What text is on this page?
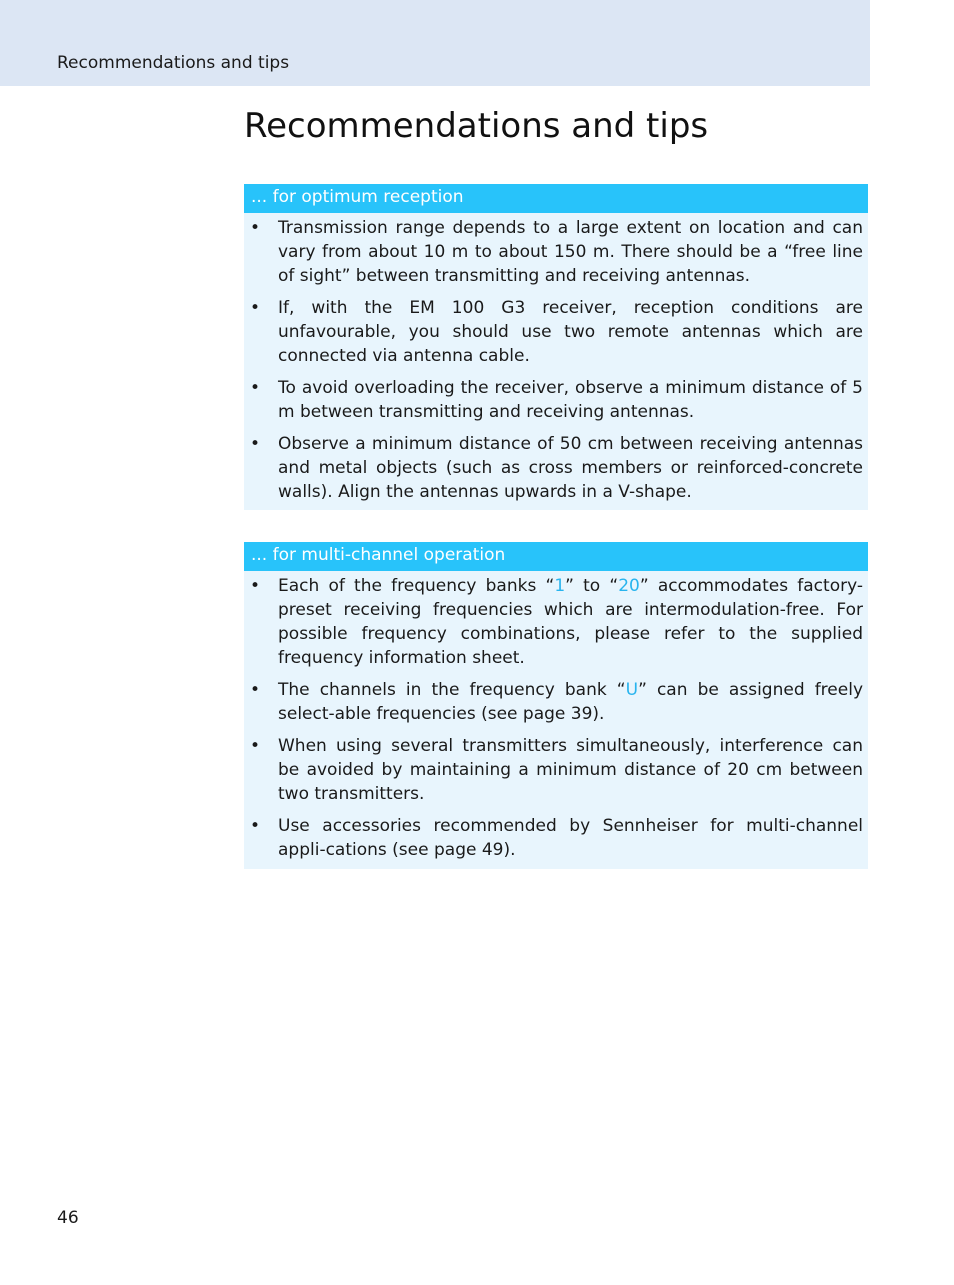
Recommendations and tips
Recommendations and tips
... for optimum reception
• Transmission range depends to a large extent on location and can vary from about 10 m to about 150 m. There should be a “free line of sight” between transmitting and receiving antennas.
• If, with the EM 100 G3 receiver, reception conditions are unfavourable, you should use two remote antennas which are connected via antenna cable.
• To avoid overloading the receiver, observe a minimum distance of 5 m between transmitting and receiving antennas.
• Observe a minimum distance of 50 cm between receiving antennas and metal objects (such as cross members or reinforced-concrete walls). Align the antennas upwards in a V-shape.
... for multi-channel operation
• Each of the frequency banks “1” to “20” accommodates factory-preset receiving frequencies which are intermodulation-free. For possible frequency combinations, please refer to the supplied frequency information sheet.
• The channels in the frequency bank “U” can be assigned freely select-able frequencies (see page 39).
• When using several transmitters simultaneously, interference can be avoided by maintaining a minimum distance of 20 cm between two transmitters.
• Use accessories recommended by Sennheiser for multi-channel appli-cations (see page 49).
46
